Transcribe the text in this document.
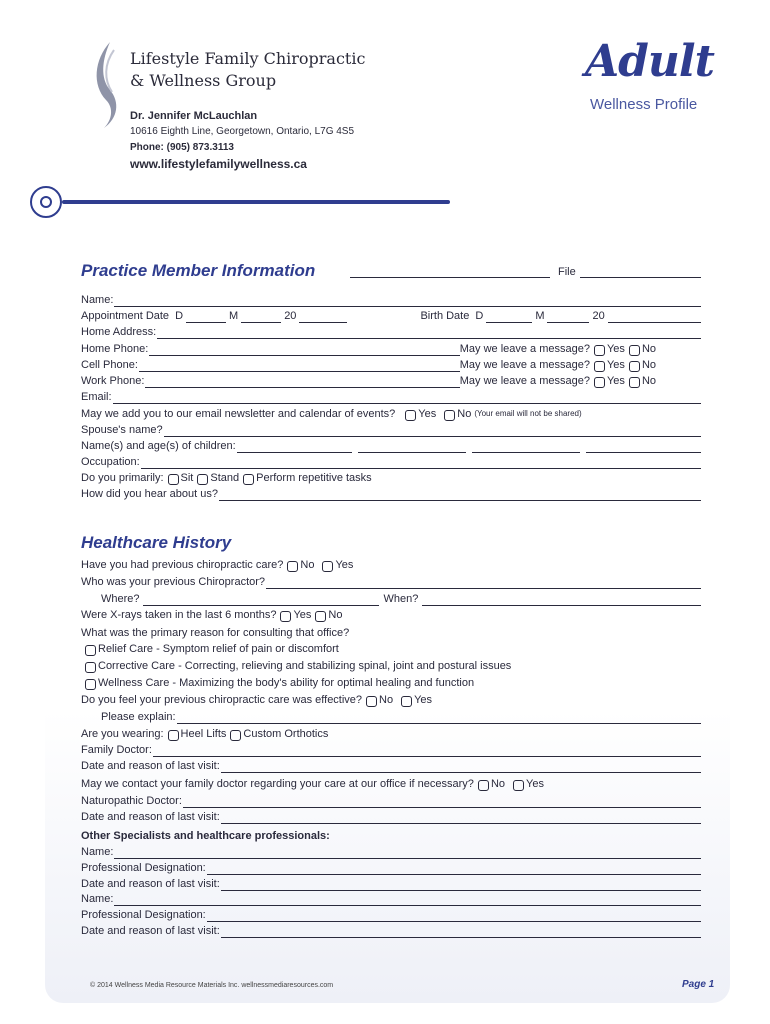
Lifestyle Family Chiropractic
& Wellness Group
Dr. Jennifer McLauchlan
10616 Eighth Line, Georgetown, Ontario, L7G 4S5
Phone: (905) 873.3113
www.lifestylefamilywellness.ca
Adult
Wellness Profile
Practice Member Information	File
Name:
Appointment Date D	M	20	Birth Date D	M	20
Home Address:
Home Phone:	May we leave a message? Yes No
Cell Phone:	May we leave a message? Yes No
Work Phone:	May we leave a message? Yes No
Email:
May we add you to our email newsletter and calendar of events? Yes No (Your email will not be shared)
Spouse's name?
Name(s) and age(s) of children:
Occupation:
Do you primarily: Sit Stand Perform repetitive tasks
How did you hear about us?
Healthcare History
Have you had previous chiropractic care? No Yes
Who was your previous Chiropractor?
Where?	When?
Were X-rays taken in the last 6 months? Yes No
What was the primary reason for consulting that office?
Relief Care - Symptom relief of pain or discomfort
Corrective Care - Correcting, relieving and stabilizing spinal, joint and postural issues
Wellness Care - Maximizing the body's ability for optimal healing and function
Do you feel your previous chiropractic care was effective? No Yes
Please explain:
Are you wearing: Heel Lifts Custom Orthotics
Family Doctor:
Date and reason of last visit:
May we contact your family doctor regarding your care at our office if necessary? No Yes
Naturopathic Doctor:
Date and reason of last visit:
Other Specialists and healthcare professionals:
Name:
Professional Designation:
Date and reason of last visit:
Name:
Professional Designation:
Date and reason of last visit:
© 2014 Wellness Media Resource Materials Inc. wellnessmediaresources.com	Page 1
